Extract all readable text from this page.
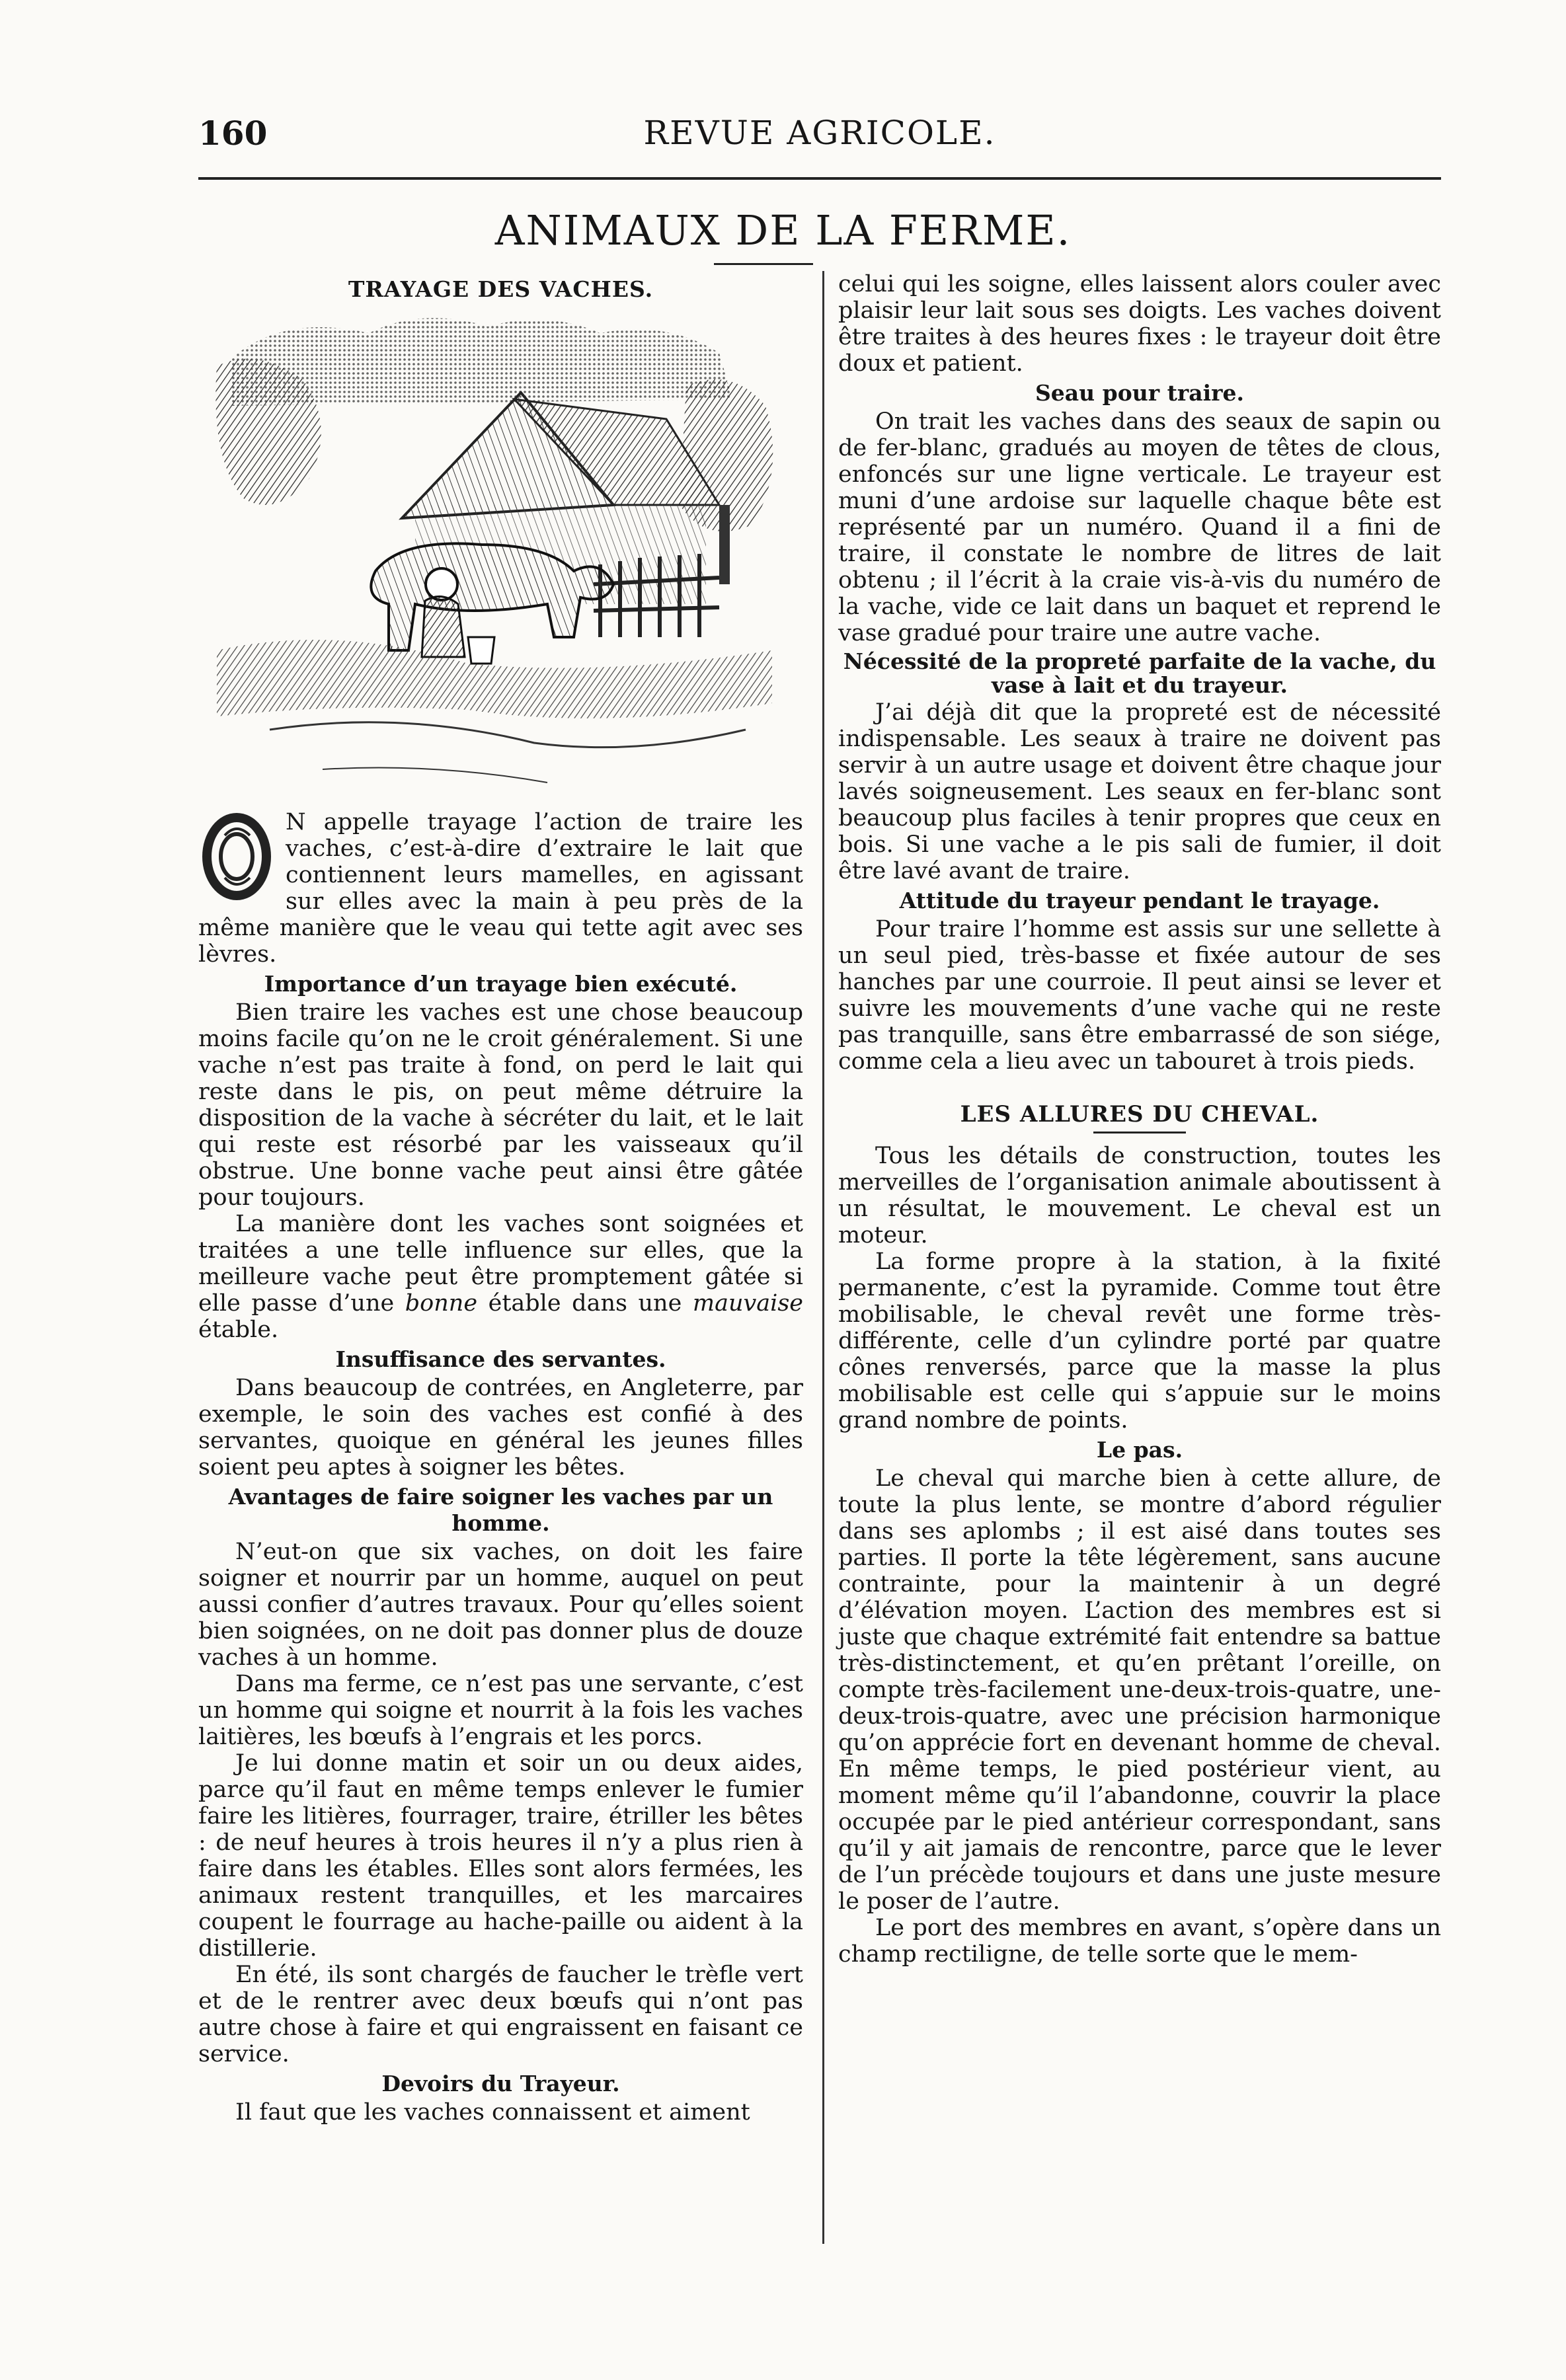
160	REVUE AGRICOLE.
ANIMAUX DE LA FERME.
TRAYAGE DES VACHES.

N appelle trayage l’action de traire les vaches, c’est-à-dire d’extraire le lait que contiennent leurs mamelles, en agissant sur elles avec la main à peu près de la même manière que le veau qui tette agit avec ses lèvres.

Importance d’un trayage bien exécuté.

Bien traire les vaches est une chose beaucoup moins facile qu’on ne le croit généralement. Si une vache n’est pas traite à fond, on perd le lait qui reste dans le pis, on peut même détruire la disposition de la vache à sécréter du lait, et le lait qui reste est résorbé par les vaisseaux qu’il obstrue. Une bonne vache peut ainsi être gâtée pour toujours.

La manière dont les vaches sont soignées et traitées a une telle influence sur elles, que la meilleure vache peut être promptement gâtée si elle passe d’une bonne étable dans une mauvaise étable.

Insuffisance des servantes.

Dans beaucoup de contrées, en Angleterre, par exemple, le soin des vaches est confié à des servantes, quoique en général les jeunes filles soient peu aptes à soigner les bêtes.

Avantages de faire soigner les vaches par un homme.

N’eut-on que six vaches, on doit les faire soigner et nourrir par un homme, auquel on peut aussi confier d’autres travaux. Pour qu’elles soient bien soignées, on ne doit pas donner plus de douze vaches à un homme.

Dans ma ferme, ce n’est pas une servante, c’est un homme qui soigne et nourrit à la fois les vaches laitières, les bœufs à l’engrais et les porcs.

Je lui donne matin et soir un ou deux aides, parce qu’il faut en même temps enlever le fumier faire les litières, fourrager, traire, étriller les bêtes : de neuf heures à trois heures il n’y a plus rien à faire dans les étables. Elles sont alors fermées, les animaux restent tranquilles, et les marcaires coupent le fourrage au hache-paille ou aident à la distillerie.

En été, ils sont chargés de faucher le trèfle vert et de le rentrer avec deux bœufs qui n’ont pas autre chose à faire et qui engraissent en faisant ce service.

Devoirs du Trayeur.

Il faut que les vaches connaissent et aiment

celui qui les soigne, elles laissent alors couler avec plaisir leur lait sous ses doigts. Les vaches doivent être traites à des heures fixes : le trayeur doit être doux et patient.

Seau pour traire.

On trait les vaches dans des seaux de sapin ou de fer-blanc, gradués au moyen de têtes de clous, enfoncés sur une ligne verticale. Le trayeur est muni d’une ardoise sur laquelle chaque bête est représenté par un numéro. Quand il a fini de traire, il constate le nombre de litres de lait obtenu ; il l’écrit à la craie vis-à-vis du numéro de la vache, vide ce lait dans un baquet et reprend le vase gradué pour traire une autre vache.

Nécessité de la propreté parfaite de la vache, du vase à lait et du trayeur.

J’ai déjà dit que la propreté est de nécessité indispensable. Les seaux à traire ne doivent pas servir à un autre usage et doivent être chaque jour lavés soigneusement. Les seaux en fer-blanc sont beaucoup plus faciles à tenir propres que ceux en bois. Si une vache a le pis sali de fumier, il doit être lavé avant de traire.

Attitude du trayeur pendant le trayage.

Pour traire l’homme est assis sur une sellette à un seul pied, très-basse et fixée autour de ses hanches par une courroie. Il peut ainsi se lever et suivre les mouvements d’une vache qui ne reste pas tranquille, sans être embarrassé de son siége, comme cela a lieu avec un tabouret à trois pieds.

LES ALLURES DU CHEVAL.

Tous les détails de construction, toutes les merveilles de l’organisation animale aboutissent à un résultat, le mouvement. Le cheval est un moteur.

La forme propre à la station, à la fixité permanente, c’est la pyramide. Comme tout être mobilisable, le cheval revêt une forme très-différente, celle d’un cylindre porté par quatre cônes renversés, parce que la masse la plus mobilisable est celle qui s’appuie sur le moins grand nombre de points.

Le pas.

Le cheval qui marche bien à cette allure, de toute la plus lente, se montre d’abord régulier dans ses aplombs ; il est aisé dans toutes ses parties. Il porte la tête légèrement, sans aucune contrainte, pour la maintenir à un degré d’élévation moyen. L’action des membres est si juste que chaque extrémité fait entendre sa battue très-distinctement, et qu’en prêtant l’oreille, on compte très-facilement une-deux-trois-quatre, une-deux-trois-quatre, avec une précision harmonique qu’on apprécie fort en devenant homme de cheval. En même temps, le pied postérieur vient, au moment même qu’il l’abandonne, couvrir la place occupée par le pied antérieur correspondant, sans qu’il y ait jamais de rencontre, parce que le lever de l’un précède toujours et dans une juste mesure le poser de l’autre.

Le port des membres en avant, s’opère dans un champ rectiligne, de telle sorte que le mem-
